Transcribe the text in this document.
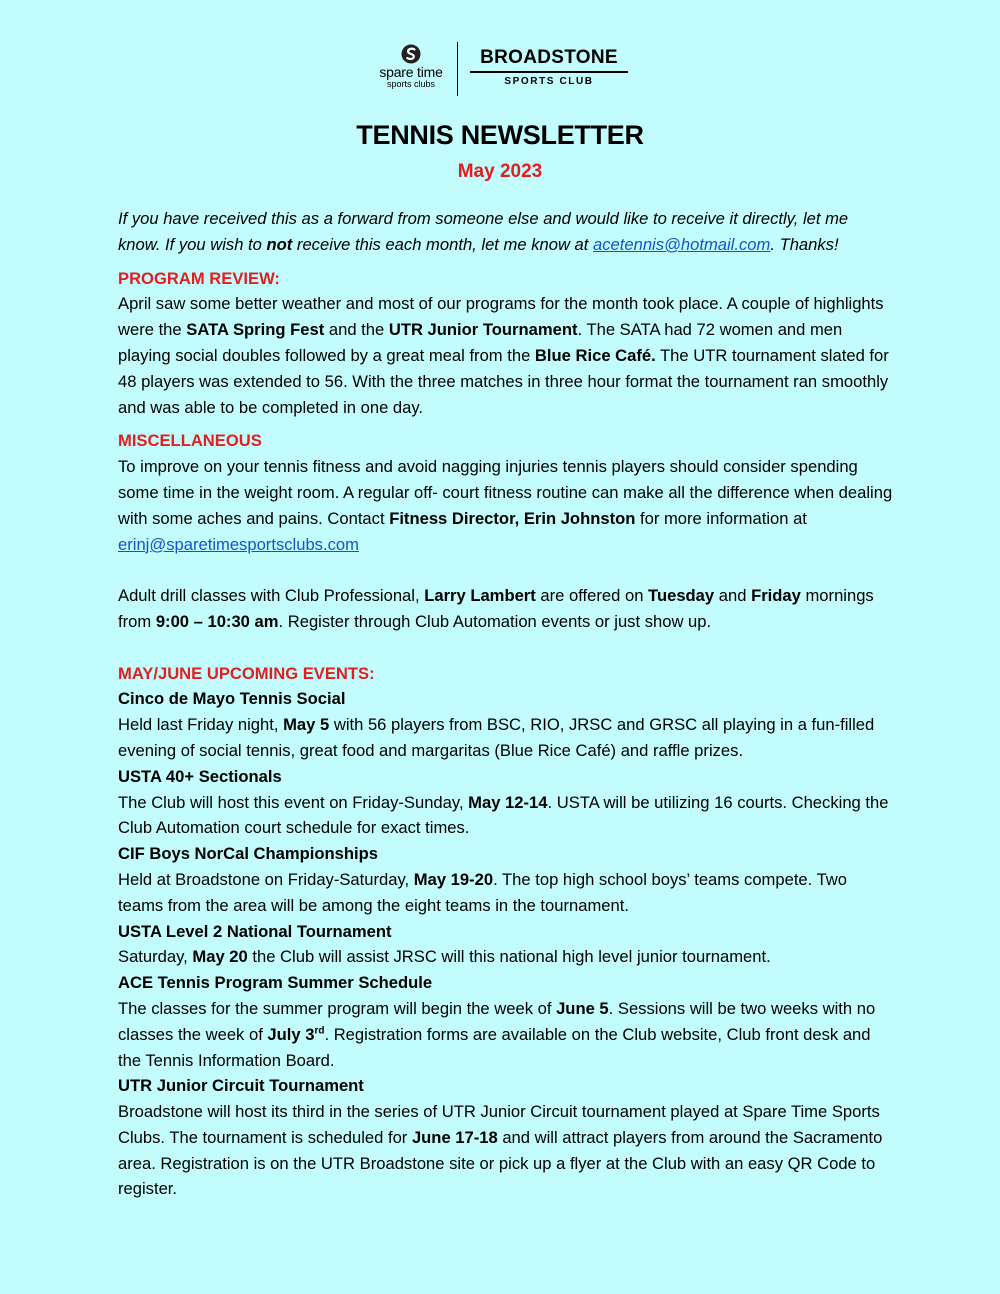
spare time
sports clubs
BROADSTONE
SPORTS CLUB
TENNIS NEWSLETTER
May 2023

If you have received this as a forward from someone else and would like to receive it directly, let me know. If you wish to not receive this each month, let me know at acetennis@hotmail.com. Thanks!

PROGRAM REVIEW:

April saw some better weather and most of our programs for the month took place. A couple of highlights were the SATA Spring Fest and the UTR Junior Tournament. The SATA had 72 women and men playing social doubles followed by a great meal from the Blue Rice Café. The UTR tournament slated for 48 players was extended to 56. With the three matches in three hour format the tournament ran smoothly and was able to be completed in one day.

MISCELLANEOUS

To improve on your tennis fitness and avoid nagging injuries tennis players should consider spending some time in the weight room. A regular off- court fitness routine can make all the difference when dealing with some aches and pains. Contact Fitness Director, Erin Johnston for more information at erinj@sparetimesportsclubs.com

Adult drill classes with Club Professional, Larry Lambert are offered on Tuesday and Friday mornings from 9:00 – 10:30 am. Register through Club Automation events or just show up.

MAY/JUNE UPCOMING EVENTS:

Cinco de Mayo Tennis Social

Held last Friday night, May 5 with 56 players from BSC, RIO, JRSC and GRSC all playing in a fun-filled evening of social tennis, great food and margaritas (Blue Rice Café) and raffle prizes.

USTA 40+ Sectionals

The Club will host this event on Friday-Sunday, May 12-14. USTA will be utilizing 16 courts. Checking the Club Automation court schedule for exact times.

CIF Boys NorCal Championships

Held at Broadstone on Friday-Saturday, May 19-20. The top high school boys’ teams compete. Two teams from the area will be among the eight teams in the tournament.

USTA Level 2 National Tournament

Saturday, May 20 the Club will assist JRSC will this national high level junior tournament.

ACE Tennis Program Summer Schedule

The classes for the summer program will begin the week of June 5. Sessions will be two weeks with no classes the week of July 3rd. Registration forms are available on the Club website, Club front desk and the Tennis Information Board.

UTR Junior Circuit Tournament

Broadstone will host its third in the series of UTR Junior Circuit tournament played at Spare Time Sports Clubs. The tournament is scheduled for June 17-18 and will attract players from around the Sacramento area. Registration is on the UTR Broadstone site or pick up a flyer at the Club with an easy QR Code to register.
